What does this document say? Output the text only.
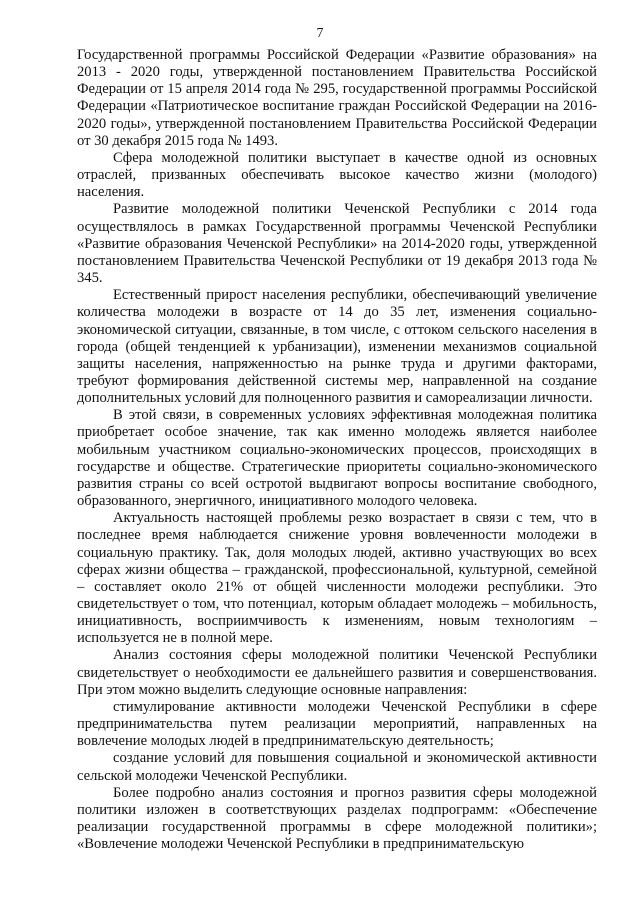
7

Государственной программы Российской Федерации «Развитие образования» на 2013 - 2020 годы, утвержденной постановлением Правительства Российской Федерации от 15 апреля 2014 года № 295, государственной программы Российской Федерации «Патриотическое воспитание граждан Российской Федерации на 2016-2020 годы», утвержденной постановлением Правительства Российской Федерации от 30 декабря 2015 года № 1493.

Сфера молодежной политики выступает в качестве одной из основных отраслей, призванных обеспечивать высокое качество жизни (молодого) населения.

Развитие молодежной политики Чеченской Республики с 2014 года осуществлялось в рамках Государственной программы Чеченской Республики «Развитие образования Чеченской Республики» на 2014-2020 годы, утвержденной постановлением Правительства Чеченской Республики от 19 декабря 2013 года № 345.

Естественный прирост населения республики, обеспечивающий увеличение количества молодежи в возрасте от 14 до 35 лет, изменения социально-экономической ситуации, связанные, в том числе, с оттоком сельского населения в города (общей тенденцией к урбанизации), изменении механизмов социальной защиты населения, напряженностью на рынке труда и другими факторами, требуют формирования действенной системы мер, направленной на создание дополнительных условий для полноценного развития и самореализации личности.

В этой связи, в современных условиях эффективная молодежная политика приобретает особое значение, так как именно молодежь является наиболее мобильным участником социально-экономических процессов, происходящих в государстве и обществе. Стратегические приоритеты социально-экономического развития страны со всей остротой выдвигают вопросы воспитание свободного, образованного, энергичного, инициативного молодого человека.

Актуальность настоящей проблемы резко возрастает в связи с тем, что в последнее время наблюдается снижение уровня вовлеченности молодежи в социальную практику. Так, доля молодых людей, активно участвующих во всех сферах жизни общества – гражданской, профессиональной, культурной, семейной – составляет около 21% от общей численности молодежи республики. Это свидетельствует о том, что потенциал, которым обладает молодежь – мобильность, инициативность, восприимчивость к изменениям, новым технологиям – используется не в полной мере.

Анализ состояния сферы молодежной политики Чеченской Республики свидетельствует о необходимости ее дальнейшего развития и совершенствования. При этом можно выделить следующие основные направления:

стимулирование активности молодежи Чеченской Республики в сфере предпринимательства путем реализации мероприятий, направленных на вовлечение молодых людей в предпринимательскую деятельность;

создание условий для повышения социальной и экономической активности сельской молодежи Чеченской Республики.

Более подробно анализ состояния и прогноз развития сферы молодежной политики изложен в соответствующих разделах подпрограмм: «Обеспечение реализации государственной программы в сфере молодежной политики»; «Вовлечение молодежи Чеченской Республики в предпринимательскую
